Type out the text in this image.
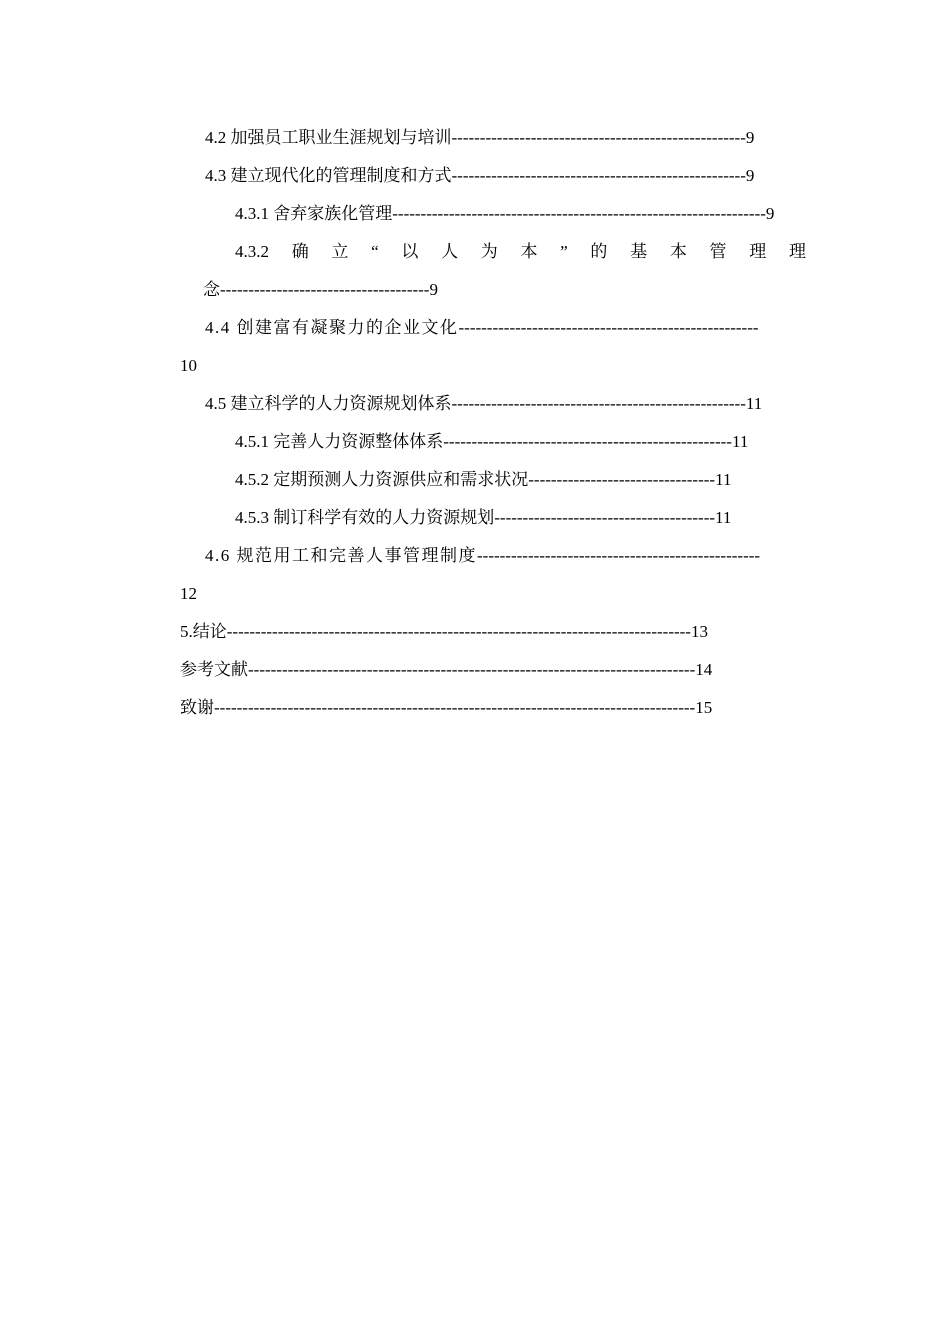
4.2 加强员工职业生涯规划与培训----------------------------------------------------9
4.3 建立现代化的管理制度和方式----------------------------------------------------9
4.3.1 舍弃家族化管理------------------------------------------------------------------9
4.3.2 确 立 “ 以 人 为 本 ” 的 基 本 管 理 理
念-------------------------------------9
4.4 创建富有凝聚力的企业文化-----------------------------------------------------
10
4.5 建立科学的人力资源规划体系----------------------------------------------------11
4.5.1 完善人力资源整体体系---------------------------------------------------11
4.5.2 定期预测人力资源供应和需求状况---------------------------------11
4.5.3 制订科学有效的人力资源规划---------------------------------------11
4.6 规范用工和完善人事管理制度--------------------------------------------------
12
5.结论----------------------------------------------------------------------------------13
参考文献-------------------------------------------------------------------------------14
致谢-------------------------------------------------------------------------------------15
